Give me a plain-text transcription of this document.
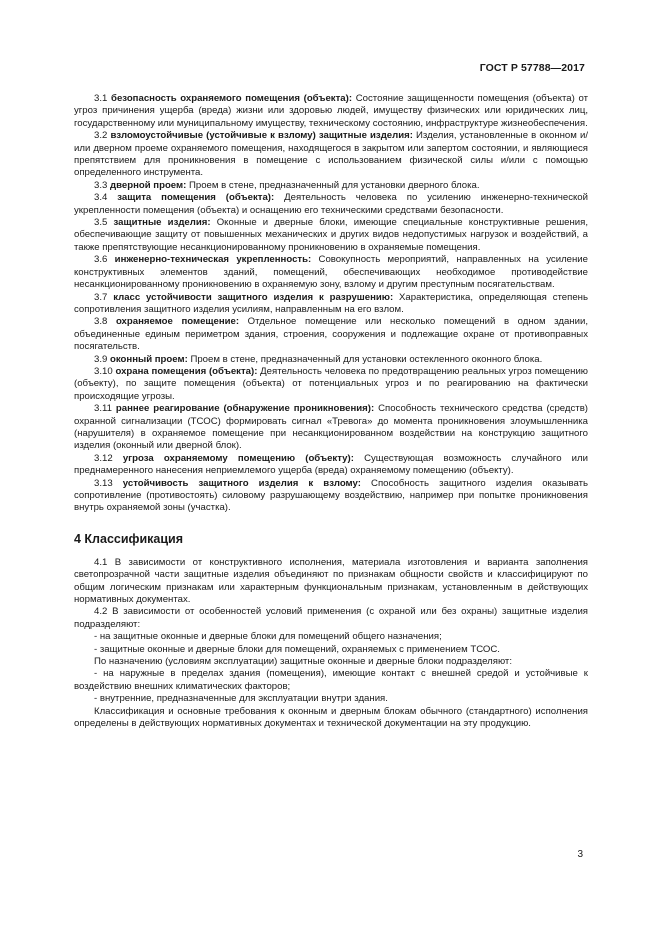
ГОСТ Р 57788—2017

3.1 безопасность охраняемого помещения (объекта): Состояние защищенности помещения (объекта) от угроз причинения ущерба (вреда) жизни или здоровью людей, имуществу физических или юридических лиц, государственному или муниципальному имуществу, техническому состоянию, инфраструктуре жизнеобеспечения.

3.2 взломоустойчивые (устойчивые к взлому) защитные изделия: Изделия, установленные в оконном и/или дверном проеме охраняемого помещения, находящегося в закрытом или запертом состоянии, и являющиеся препятствием для проникновения в помещение с использованием физической силы и/или с помощью определенного инструмента.

3.3 дверной проем: Проем в стене, предназначенный для установки дверного блока.

3.4 защита помещения (объекта): Деятельность человека по усилению инженерно-технической укрепленности помещения (объекта) и оснащению его техническими средствами безопасности.

3.5 защитные изделия: Оконные и дверные блоки, имеющие специальные конструктивные решения, обеспечивающие защиту от повышенных механических и других видов недопустимых нагрузок и воздействий, а также препятствующие несанкционированному проникновению в охраняемые помещения.

3.6 инженерно-техническая укрепленность: Совокупность мероприятий, направленных на усиление конструктивных элементов зданий, помещений, обеспечивающих необходимое противодействие несанкционированному проникновению в охраняемую зону, взлому и другим преступным посягательствам.

3.7 класс устойчивости защитного изделия к разрушению: Характеристика, определяющая степень сопротивления защитного изделия усилиям, направленным на его взлом.

3.8 охраняемое помещение: Отдельное помещение или несколько помещений в одном здании, объединенные единым периметром здания, строения, сооружения и подлежащие охране от противоправных посягательств.

3.9 оконный проем: Проем в стене, предназначенный для установки остекленного оконного блока.

3.10 охрана помещения (объекта): Деятельность человека по предотвращению реальных угроз помещению (объекту), по защите помещения (объекта) от потенциальных угроз и по реагированию на фактически происходящие угрозы.

3.11 раннее реагирование (обнаружение проникновения): Способность технического средства (средств) охранной сигнализации (ТСОС) формировать сигнал «Тревога» до момента проникновения злоумышленника (нарушителя) в охраняемое помещение при несанкционированном воздействии на конструкцию защитного изделия (оконный или дверной блок).

3.12 угроза охраняемому помещению (объекту): Существующая возможность случайного или преднамеренного нанесения неприемлемого ущерба (вреда) охраняемому помещению (объекту).

3.13 устойчивость защитного изделия к взлому: Способность защитного изделия оказывать сопротивление (противостоять) силовому разрушающему воздействию, например при попытке проникновения внутрь охраняемой зоны (участка).

4 Классификация

4.1 В зависимости от конструктивного исполнения, материала изготовления и варианта заполнения светопрозрачной части защитные изделия объединяют по признакам общности свойств и классифицируют по общим логическим признакам или характерным функциональным признакам, установленным в действующих нормативных документах.

4.2 В зависимости от особенностей условий применения (с охраной или без охраны) защитные изделия подразделяют:

- на защитные оконные и дверные блоки для помещений общего назначения;

- защитные оконные и дверные блоки для помещений, охраняемых с применением ТСОС.

По назначению (условиям эксплуатации) защитные оконные и дверные блоки подразделяют:

- на наружные в пределах здания (помещения), имеющие контакт с внешней средой и устойчивые к воздействию внешних климатических факторов;

- внутренние, предназначенные для эксплуатации внутри здания.

Классификация и основные требования к оконным и дверным блокам обычного (стандартного) исполнения определены в действующих нормативных документах и технической документации на эту продукцию.

3
